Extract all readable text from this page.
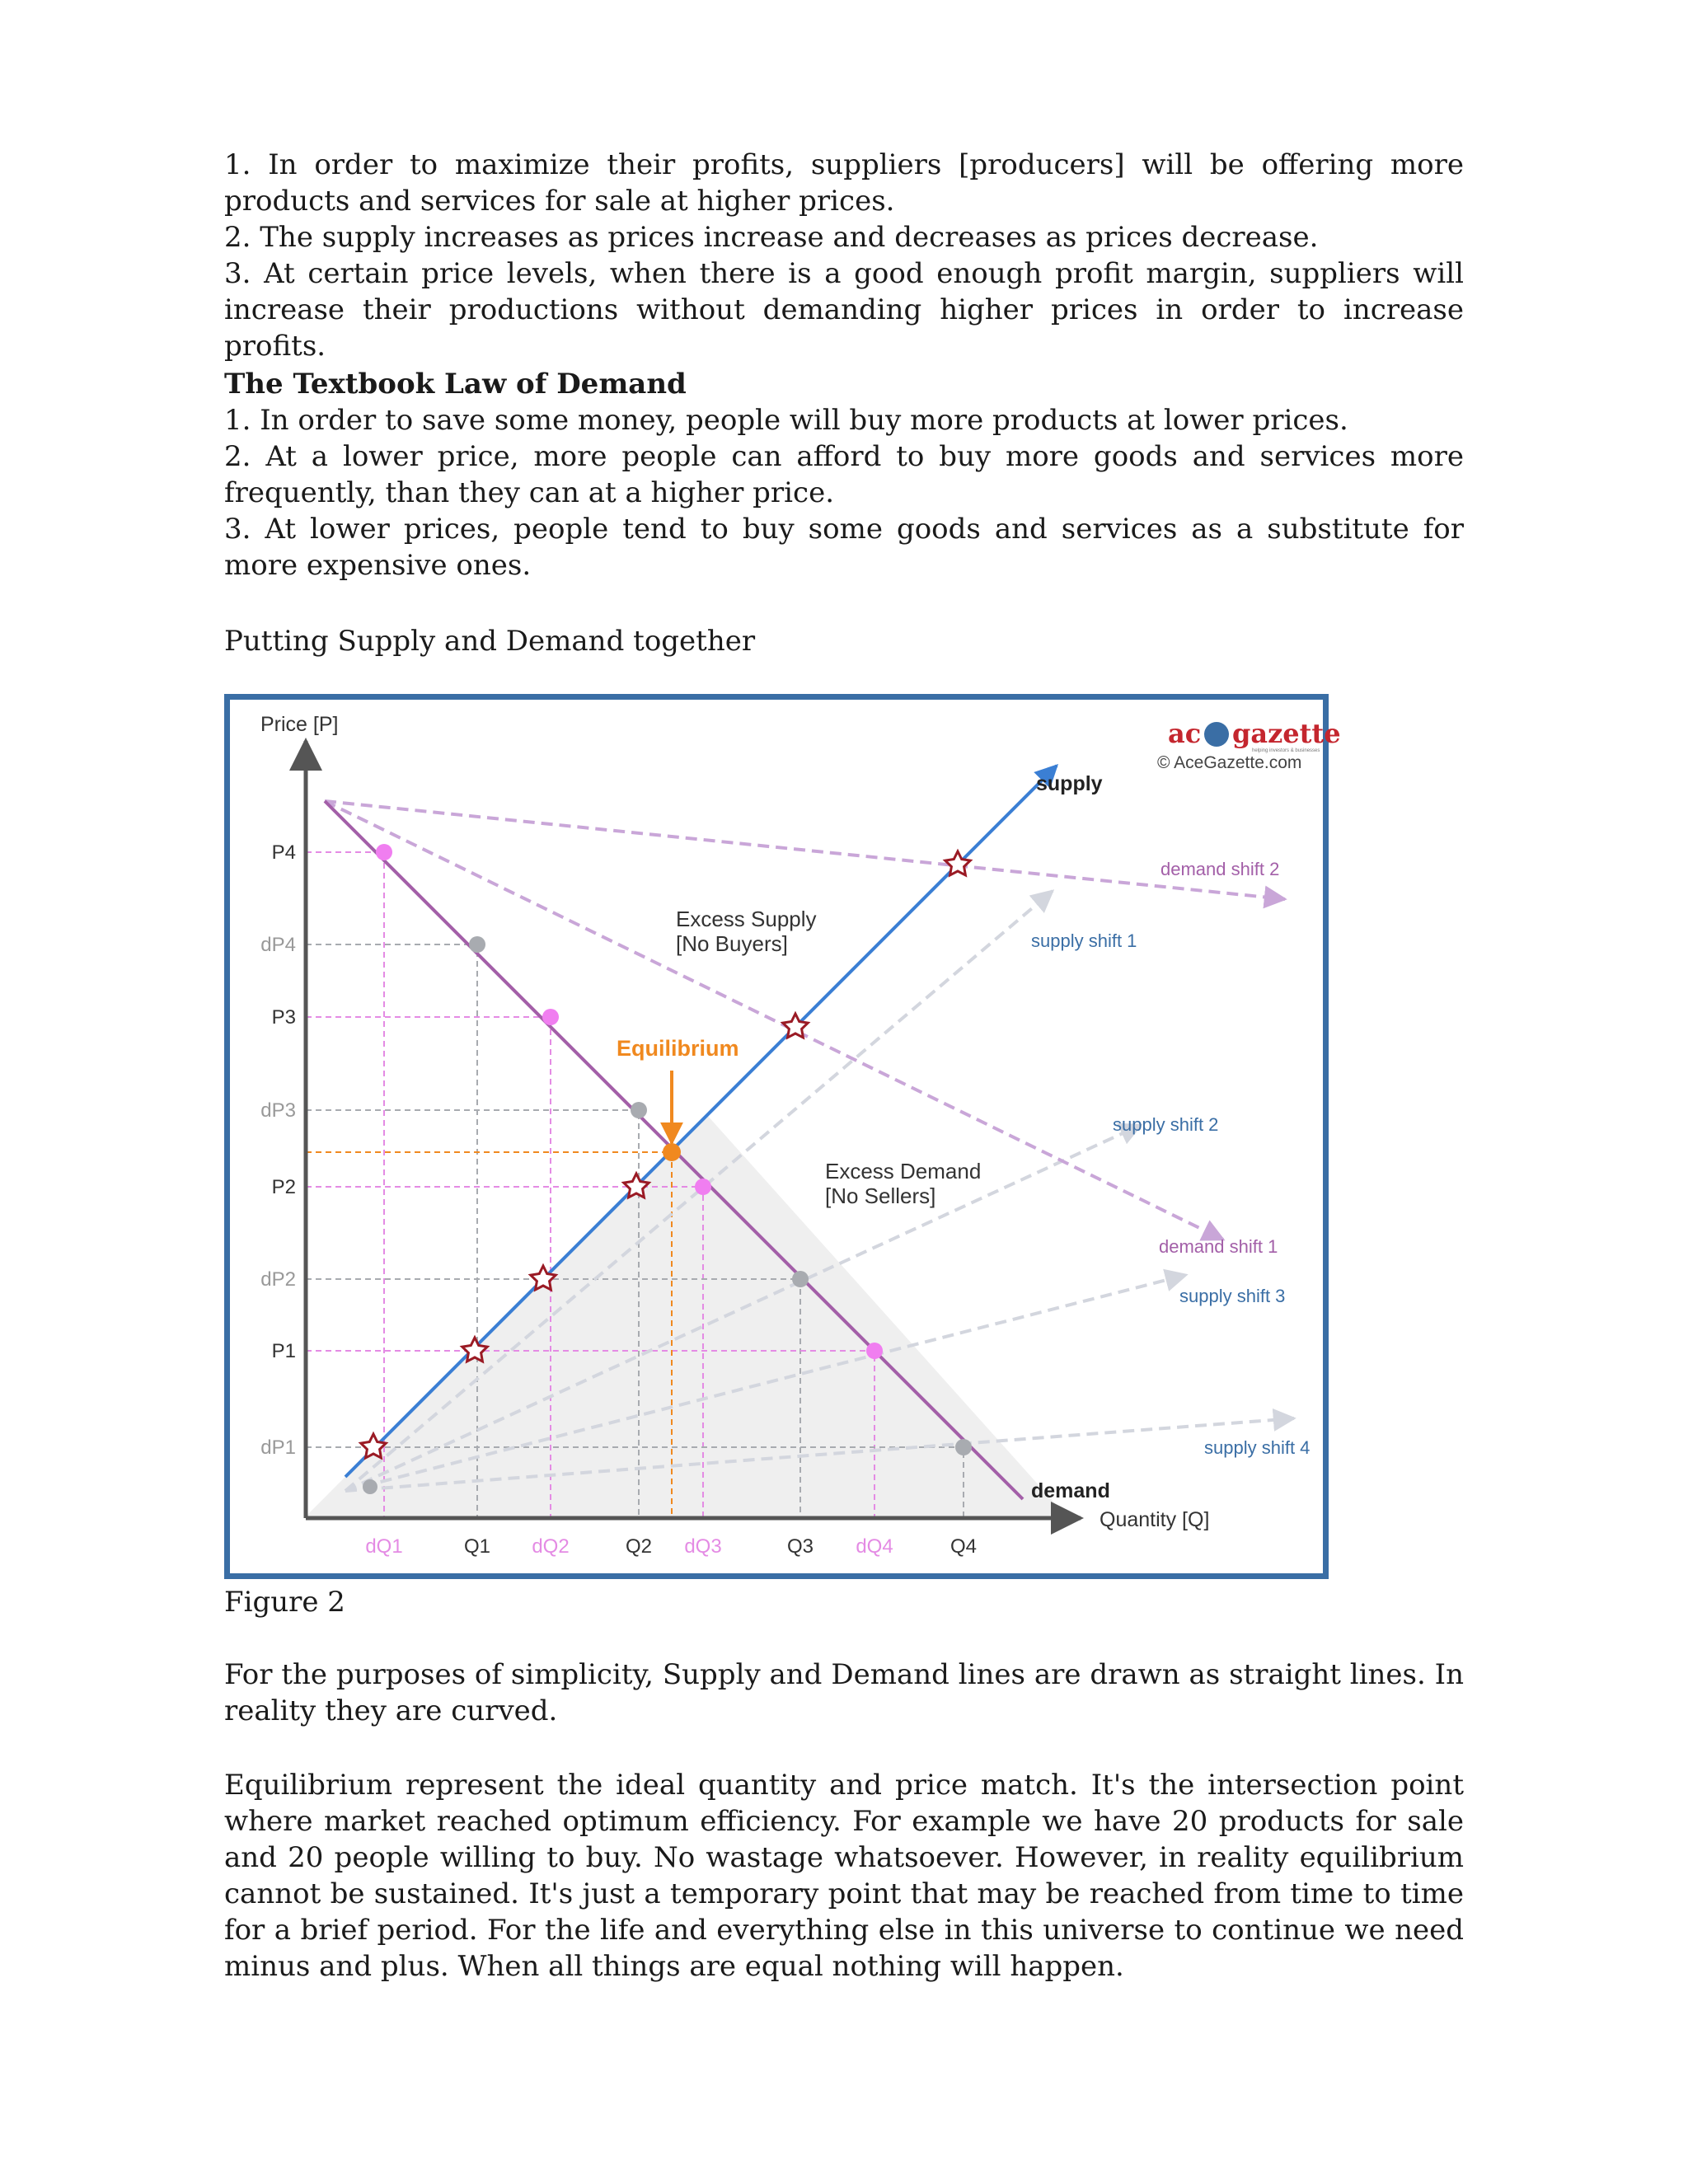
1. In order to maximize their profits, suppliers [producers] will be offering more products and services for sale at higher prices.

2. The supply increases as prices increase and decreases as prices decrease.

3. At certain price levels, when there is a good enough profit margin, suppliers will increase their productions without demanding higher prices in order to increase profits.

The Textbook Law of Demand

1. In order to save some money, people will buy more products at lower prices.

2. At a lower price, more people can afford to buy more goods and services more frequently, than they can at a higher price.

3. At lower prices, people tend to buy some goods and services as a substitute for more expensive ones.

Putting Supply and Demand together

Figure 2

For the purposes of simplicity, Supply and Demand lines are drawn as straight lines. In reality they are curved.

Equilibrium represent the ideal quantity and price match. It's the intersection point where market reached optimum efficiency. For example we have 20 products for sale and 20 people willing to buy. No wastage whatsoever. However, in reality equilibrium cannot be sustained. It's just a temporary point that may be reached from time to time for a brief period. For the life and everything else in this universe to continue we need minus and plus. When all things are equal nothing will happen.

Price [P]
Quantity [Q]
P4
dP4
P3
dP3
P2
dP2
P1
dP1
dQ1	Q1 dQ2	Q2 dQ3	Q3 dQ4	Q4
supply
demand
Equilibrium
Excess Supply
[No Buyers]
Excess Demand
[No Sellers]
demand shift 2
demand shift 1
supply shift 1
supply shift 2
supply shift 3
supply shift 4
ac gazette
helping investors & businesses
© AceGazette.com
